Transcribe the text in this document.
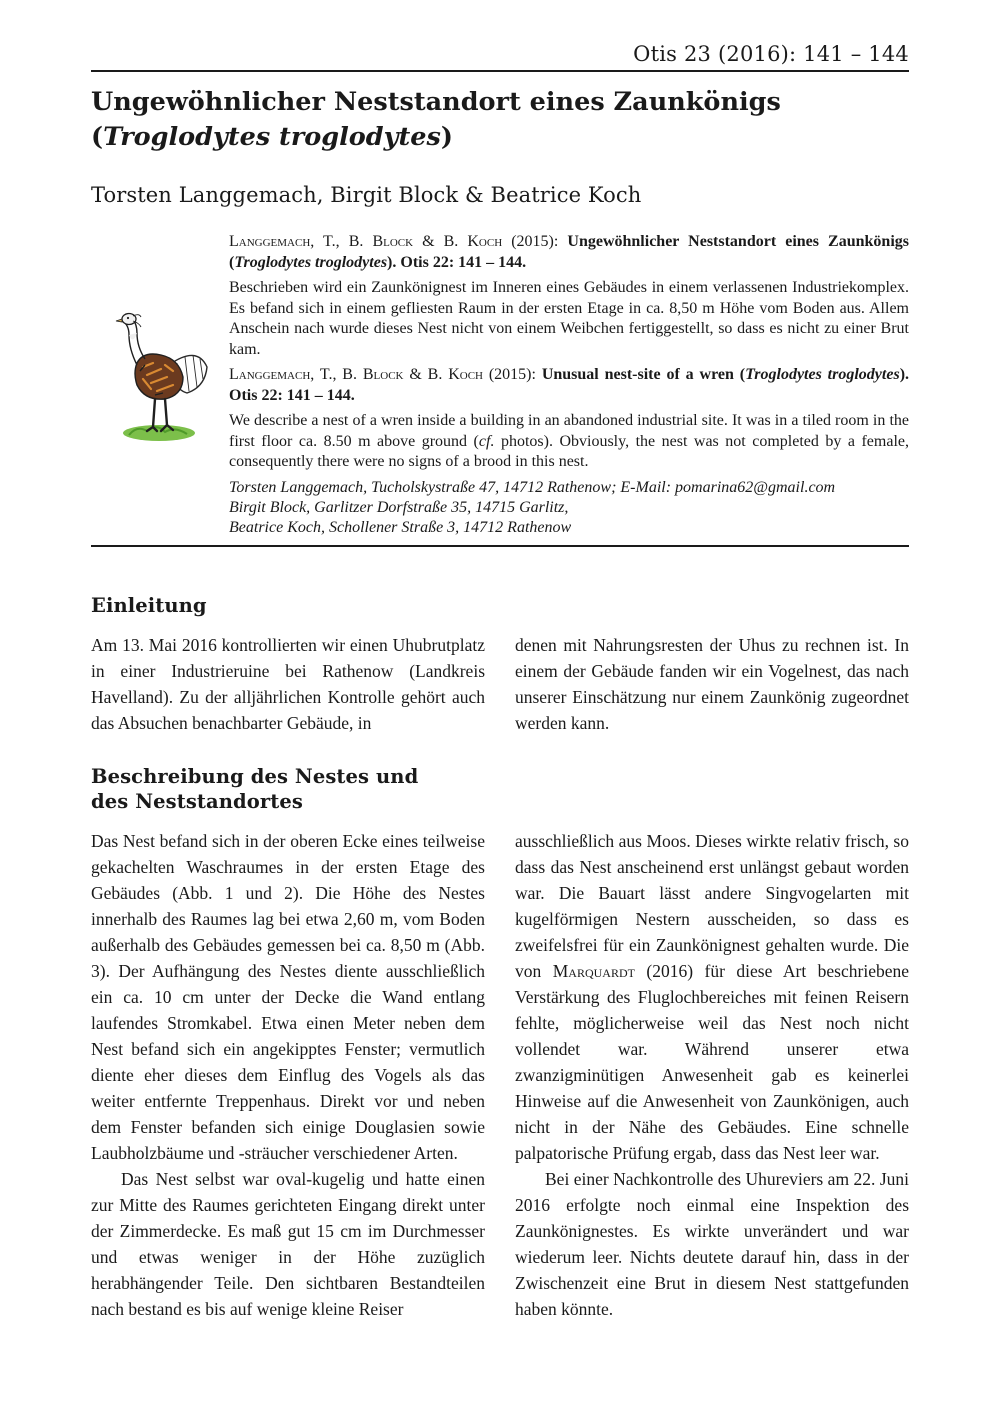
Otis 23 (2016): 141 – 144
Ungewöhnlicher Neststandort eines Zaunkönigs
(Troglodytes troglodytes)

Torsten Langgemach, Birgit Block & Beatrice Koch

Langgemach, T., B. Block & B. Koch (2015): Ungewöhnlicher Neststandort eines Zaunkönigs (Troglodytes troglodytes). Otis 22: 141 – 144.

Beschrieben wird ein Zaunkönignest im Inneren eines Gebäudes in einem verlassenen Industriekomplex. Es befand sich in einem gefliesten Raum in der ersten Etage in ca. 8,50 m Höhe vom Boden aus. Allem Anschein nach wurde dieses Nest nicht von einem Weibchen fertiggestellt, so dass es nicht zu einer Brut kam.

Langgemach, T., B. Block & B. Koch (2015): Unusual nest-site of a wren (Troglodytes troglodytes). Otis 22: 141 – 144.

We describe a nest of a wren inside a building in an abandoned industrial site. It was in a tiled room in the first floor ca. 8.50 m above ground (cf. photos). Obviously, the nest was not completed by a female, consequently there were no signs of a brood in this nest.

Torsten Langgemach, Tucholskystraße 47, 14712 Rathenow; E-Mail: pomarina62@gmail.com
Birgit Block, Garlitzer Dorfstraße 35, 14715 Garlitz,
Beatrice Koch, Schollener Straße 3, 14712 Rathenow
Einleitung

Am 13. Mai 2016 kontrollierten wir einen Uhubrutplatz in einer Industrieruine bei Rathenow (Landkreis Havelland). Zu der alljährlichen Kontrolle gehört auch das Absuchen benachbarter Gebäude, in

denen mit Nahrungsresten der Uhus zu rechnen ist. In einem der Gebäude fanden wir ein Vogelnest, das nach unserer Einschätzung nur einem Zaunkönig zugeordnet werden kann.

Beschreibung des Nestes und
des Neststandortes

Das Nest befand sich in der oberen Ecke eines teilweise gekachelten Waschraumes in der ersten Etage des Gebäudes (Abb. 1 und 2). Die Höhe des Nestes innerhalb des Raumes lag bei etwa 2,60 m, vom Boden außerhalb des Gebäudes gemessen bei ca. 8,50 m (Abb. 3). Der Aufhängung des Nestes diente ausschließlich ein ca. 10 cm unter der Decke die Wand entlang laufendes Stromkabel. Etwa einen Meter neben dem Nest befand sich ein angekipptes Fenster; vermutlich diente eher dieses dem Einflug des Vogels als das weiter entfernte Treppenhaus. Direkt vor und neben dem Fenster befanden sich einige Douglasien sowie Laubholzbäume und -sträucher verschiedener Arten.

Das Nest selbst war oval-kugelig und hatte einen zur Mitte des Raumes gerichteten Eingang direkt unter der Zimmerdecke. Es maß gut 15 cm im Durchmesser und etwas weniger in der Höhe zuzüglich herabhängender Teile. Den sichtbaren Bestandteilen nach bestand es bis auf wenige kleine Reiser

ausschließlich aus Moos. Dieses wirkte relativ frisch, so dass das Nest anscheinend erst unlängst gebaut worden war. Die Bauart lässt andere Singvogelarten mit kugelförmigen Nestern ausscheiden, so dass es zweifelsfrei für ein Zaunkönignest gehalten wurde. Die von Marquardt (2016) für diese Art beschriebene Verstärkung des Fluglochbereiches mit feinen Reisern fehlte, möglicherweise weil das Nest noch nicht vollendet war. Während unserer etwa zwanzigminütigen Anwesenheit gab es keinerlei Hinweise auf die Anwesenheit von Zaunkönigen, auch nicht in der Nähe des Gebäudes. Eine schnelle palpatorische Prüfung ergab, dass das Nest leer war.

Bei einer Nachkontrolle des Uhureviers am 22. Juni 2016 erfolgte noch einmal eine Inspektion des Zaunkönignestes. Es wirkte unverändert und war wiederum leer. Nichts deutete darauf hin, dass in der Zwischenzeit eine Brut in diesem Nest stattgefunden haben könnte.
